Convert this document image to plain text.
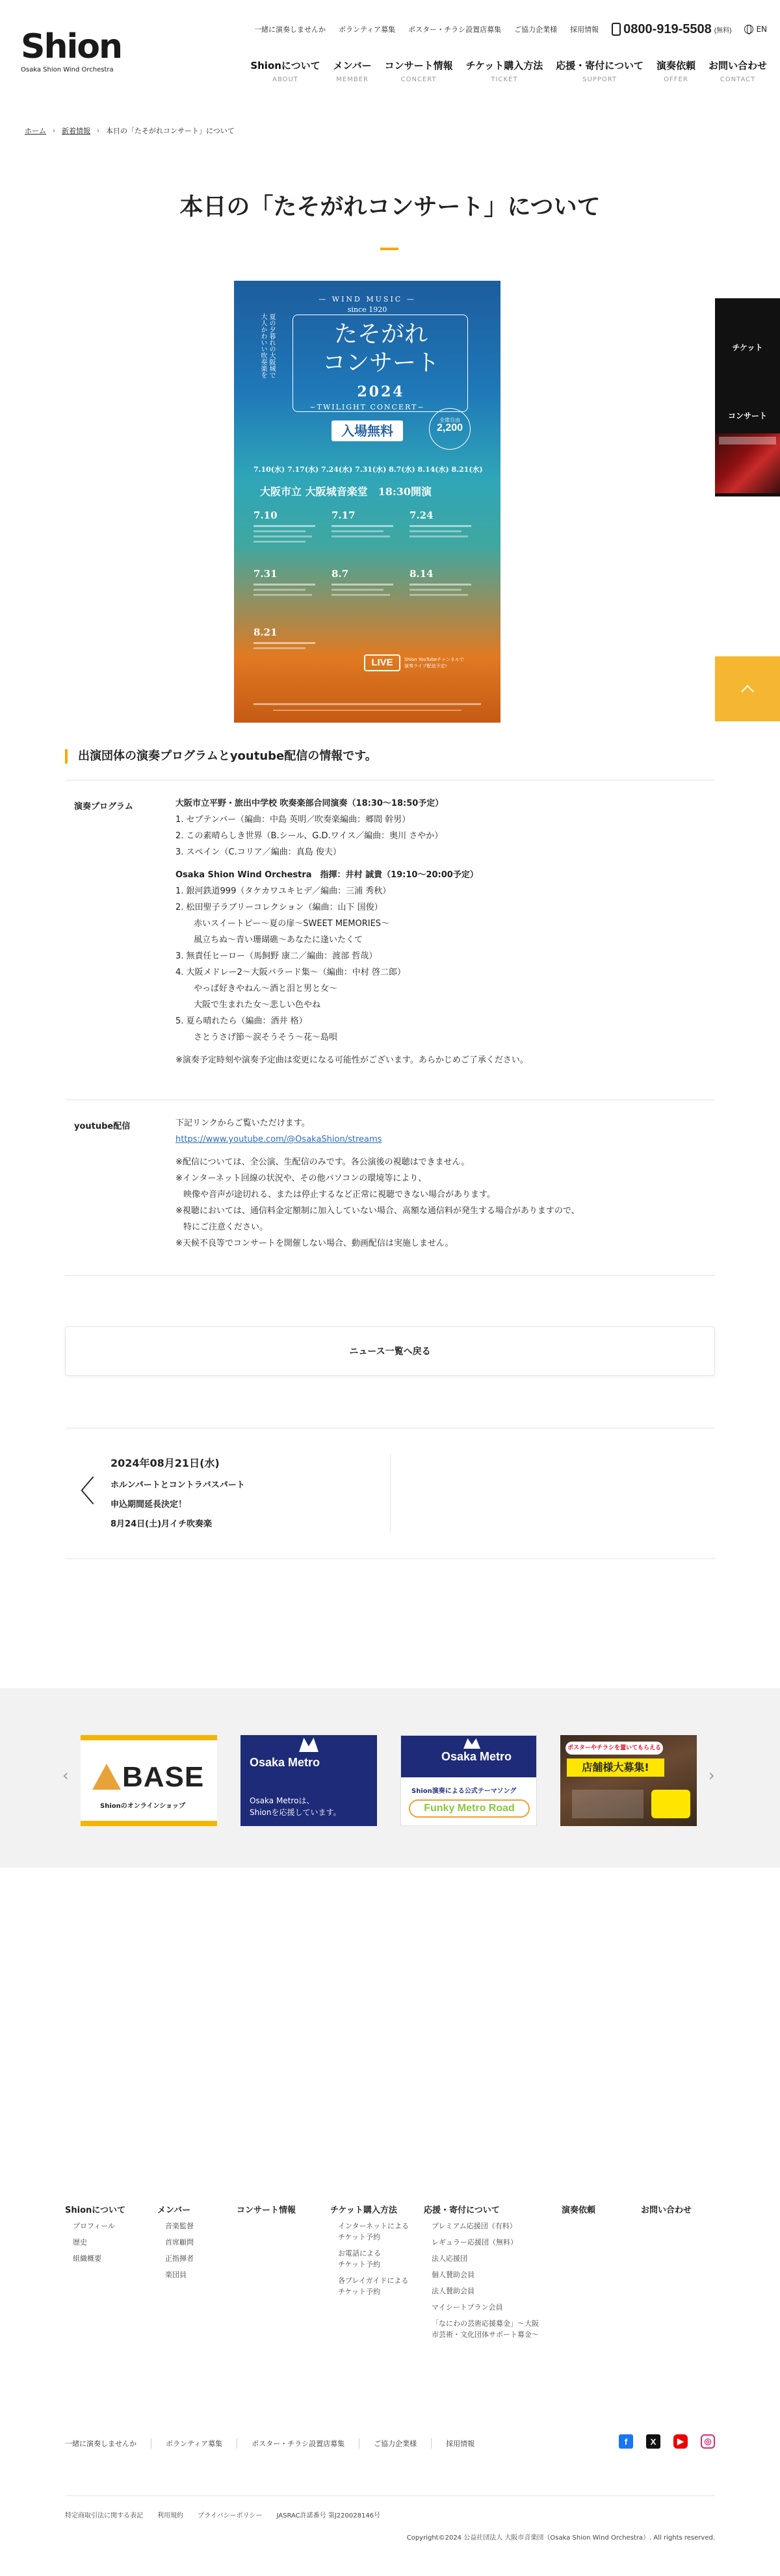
Shion
Osaka Shion Wind Orchestra
一緒に演奏しませんか ボランティア募集 ポスター・チラシ設置店募集 ご協力企業様 採用情報 0800-919-5508 (無料)	EN
Shionについて
ABOUT
メンバー
MEMBER
コンサート情報
CONCERT
チケット購入方法
TICKET
応援・寄付について
SUPPORT
演奏依頼
OFFER
お問い合わせ
CONTACT
ホーム › 新着情報 › 本日の「たそがれコンサート」について
チケット
コンサート
本日の「たそがれコンサート」について
— WIND MUSIC —
since 1920
夏の夕暮れの大阪城で
大人かわいい吹奏楽を	たそがれ
コンサート
2024
~TWILIGHT CONCERT~
入場無料
全席自由
2,200
7.10(水) 7.17(水) 7.24(水) 7.31(水) 8.7(水) 8.14(水) 8.21(水)
大阪市立 大阪城音楽堂　18:30開演
7.10	7.17	7.24
7.31	8.7	8.14
8.21
LIVE	Shion YouTubeチャンネルで
演奏ライブ配信予定!
出演団体の演奏プログラムとyoutube配信の情報です。
演奏プログラム	大阪市立平野・旅出中学校 吹奏楽部合同演奏（18:30〜18:50予定）
1. セプテンバー（編曲：中島 英明／吹奏楽編曲：郷間 幹男）
2. この素晴らしき世界（B.シール、G.D.ワイス／編曲：奥川 さやか）
3. スペイン（C.コリア／編曲：真島 俊夫）
Osaka Shion Wind Orchestra　指揮：井村 誠貴（19:10〜20:00予定）
1. 銀河鉄道999（タケカワユキヒデ／編曲：三浦 秀秋）
2. 松田聖子ラブリーコレクション（編曲：山下 国俊）
赤いスイートピー〜夏の扉〜SWEET MEMORIES〜
風立ちぬ〜青い珊瑚礁〜あなたに逢いたくて
3. 無責任ヒーロー（馬飼野 康二／編曲：渡部 哲哉）
4. 大阪メドレー2〜大阪バラード集〜（編曲：中村 啓二郎）
やっぱ好きやねん〜酒と泪と男と女〜
大阪で生まれた女〜悲しい色やね
5. 夏ら晴れたら（編曲：酒井 格）
さとうさげ節〜涙そうそう〜花〜島唄
※演奏予定時刻や演奏予定曲は変更になる可能性がございます。あらかじめご了承ください。
youtube配信	下記リンクからご覧いただけます。
https://www.youtube.com/@OsakaShion/streams
※配信については、全公演、生配信のみです。各公演後の視聴はできません。
※インターネット回線の状況や、その他パソコンの環境等により、
映像や音声が途切れる、または停止するなど正常に視聴できない場合があります。
※視聴においては、通信料金定額制に加入していない場合、高額な通信料が発生する場合がありますので、
特にご注意ください。
※天候不良等でコンサートを開催しない場合、動画配信は実施しません。
ニュース一覧へ戻る
〈
2024年08月21日(水)
ホルンパートとコントラバスパート
申込期間延長決定！
8月24日(土)月イチ吹奏楽
‹ BASE
Shionのオンラインショップ
Osaka Metro
Osaka Metroは、
Shionを応援しています。
Osaka Metro
Shion演奏による公式テーマソング
Funky Metro Road
ポスターやチラシを置いてもらえる
店舗様大募集!	›
Shionについて
プロフィール
歴史
組織概要
メンバー
音楽監督
首席顧問
正指揮者
楽団員
コンサート情報	チケット購入方法
インターネットによる
チケット予約
お電話による
チケット予約
各プレイガイドによる
チケット予約
応援・寄付について
プレミアム応援団（有料）
レギュラー応援団（無料）
法人応援団
個人賛助会員
法人賛助会員
マイシートプラン会員
「なにわの芸術応援募金」〜大阪市芸術・文化団体サポート募金〜
演奏依頼	お問い合わせ
一緒に演奏しませんか	ボランティア募集	ポスター・チラシ設置店募集	ご協力企業様	採用情報	f	X	▶	◎
特定商取引法に関する表記 利用規約 プライバシーポリシー JASRAC許諾番号 第J220028146号
Copyright©2024 公益社団法人 大阪市音楽団（Osaka Shion Wind Orchestra）. All rights reserved.
